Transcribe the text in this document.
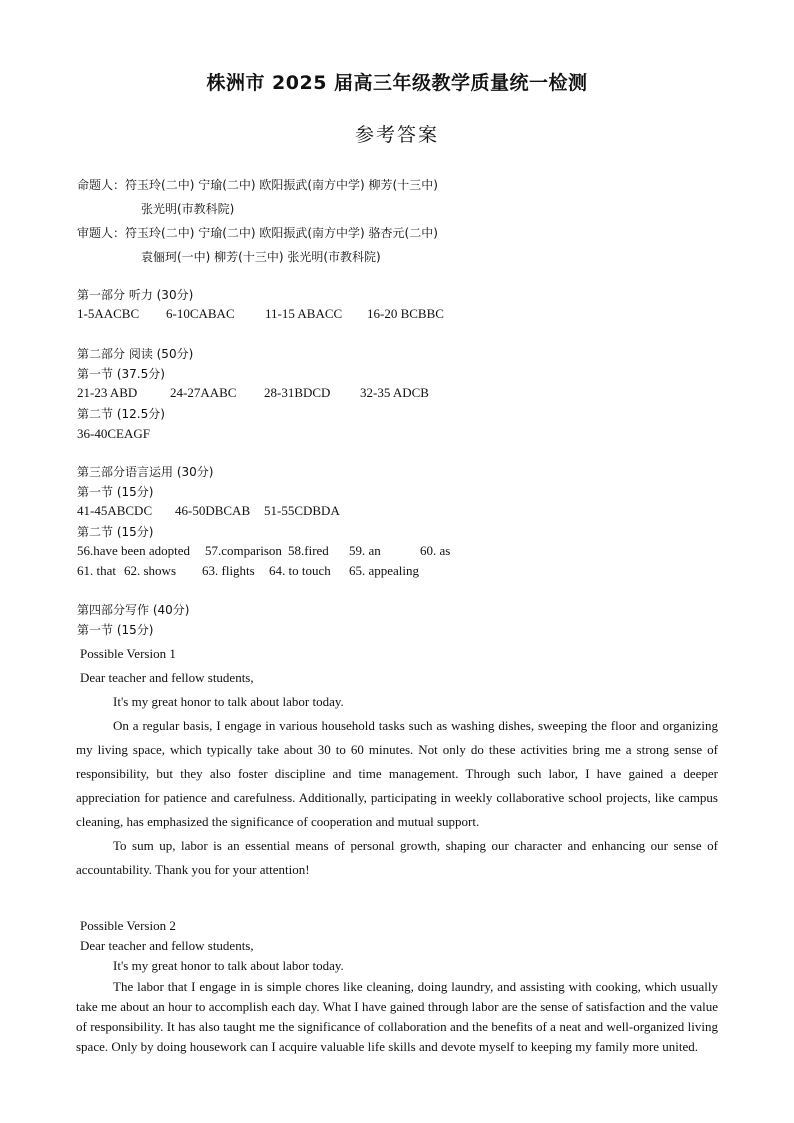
株洲市 2025 届高三年级教学质量统一检测
参考答案
命题人：符玉玲(二中) 宁瑜(二中) 欧阳振武(南方中学) 柳芳(十三中)
张光明(市教科院)
审题人：符玉玲(二中) 宁瑜(二中) 欧阳振武(南方中学) 骆杏元(二中)
袁俪珂(一中) 柳芳(十三中) 张光明(市教科院)
第一部分 听力 (30分)
1-5AACBC 6-10CABAC 11-15 ABACC 16-20 BCBBC
第二部分 阅读 (50分)
第一节 (37.5分)
21-23 ABD	24-27AABC 28-31BDCD 32-35 ADCB
第二节 (12.5分)
36-40CEAGF
第三部分语言运用 (30分)
第一节 (15分)
41-45ABCDC 46-50DBCAB 51-55CDBDA
第二节 (15分)
56.have been adopted 57.comparison 58.fired 59. an	60. as
61. that 62. shows 63. flights 64. to touch 65. appealing
第四部分写作 (40分)
第一节 (15分)
Possible Version 1
Dear teacher and fellow students,
It's my great honor to talk about labor today.

On a regular basis, I engage in various household tasks such as washing dishes, sweeping the floor and organizing my living space, which typically take about 30 to 60 minutes. Not only do these activities bring me a strong sense of responsibility, but they also foster discipline and time management. Through such labor, I have gained a deeper appreciation for patience and carefulness. Additionally, participating in weekly collaborative school projects, like campus cleaning, has emphasized the significance of cooperation and mutual support.

To sum up, labor is an essential means of personal growth, shaping our character and enhancing our sense of accountability. Thank you for your attention!

Possible Version 2
Dear teacher and fellow students,
It's my great honor to talk about labor today.

The labor that I engage in is simple chores like cleaning, doing laundry, and assisting with cooking, which usually take me about an hour to accomplish each day. What I have gained through labor are the sense of satisfaction and the value of responsibility. It has also taught me the significance of collaboration and the benefits of a neat and well-organized living space. Only by doing housework can I acquire valuable life skills and devote myself to keeping my family more united.
